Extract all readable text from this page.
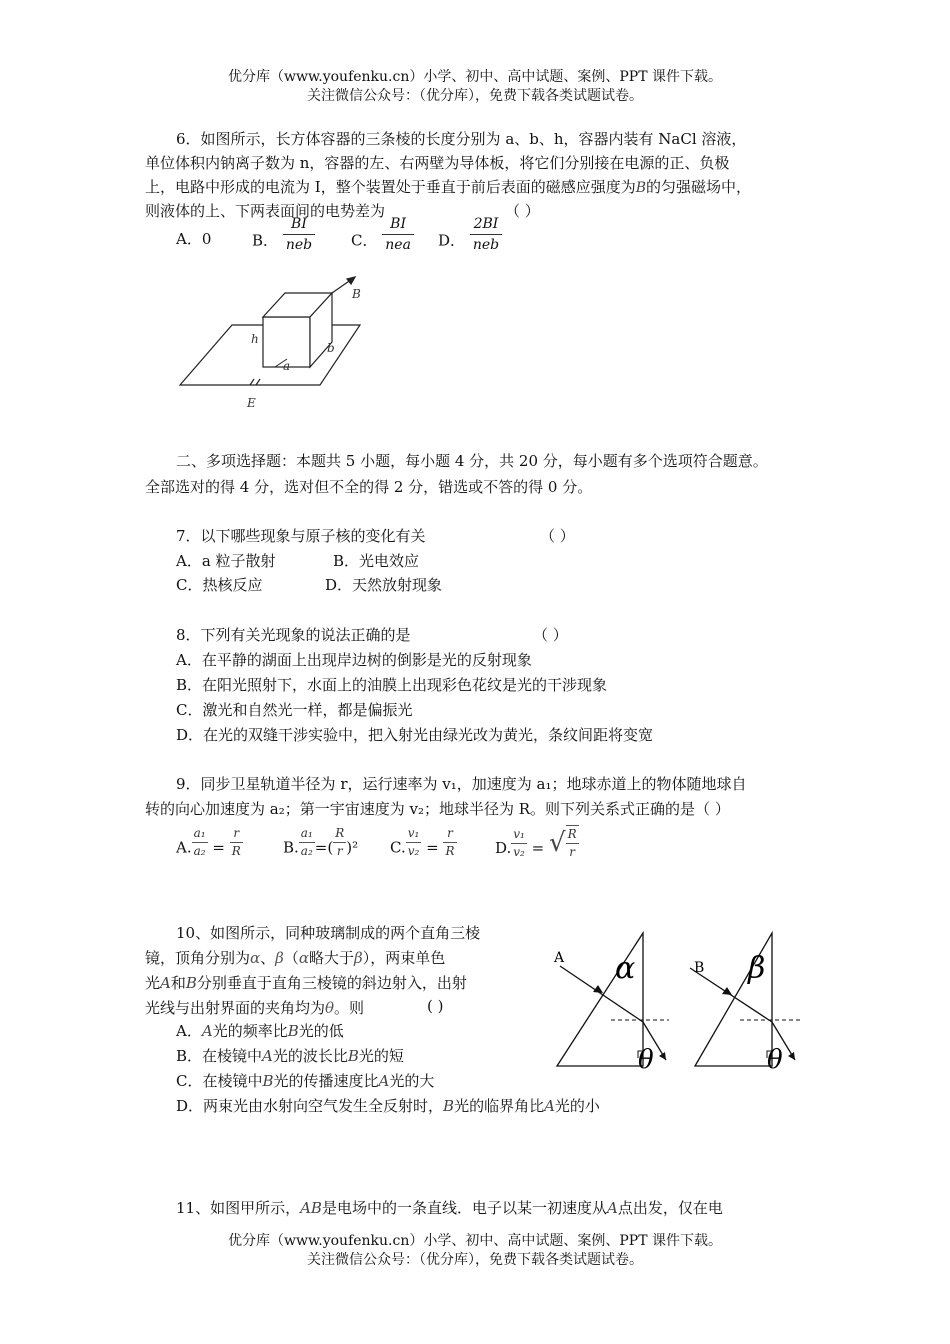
优分库（www.youfenku.cn）小学、初中、高中试题、案例、PPT 课件下载。
关注微信公众号：（优分库），免费下载各类试题试卷。
6．如图所示，长方体容器的三条棱的长度分别为 a、b、h，容器内装有 NaCl 溶液，
单位体积内钠离子数为 n，容器的左、右两壁为导体板，将它们分别接在电源的正、负极
上，电路中形成的电流为 I，整个装置处于垂直于前后表面的磁感应强度为B的匀强磁场中，
则液体的上、下两表面间的电势差为	（ ）
A．0	B． $\frac{BI}{\text{neb}}$ C． $\frac{BI}{\text{nea}}$ D． $\frac{2BI}{\text{neb}}$
B
h
a
b
E
二、多项选择题：本题共 5 小题，每小题 4 分，共 20 分，每小题有多个选项符合题意。
全部选对的得 4 分，选对但不全的得 2 分，错选或不答的得 0 分。
7．以下哪些现象与原子核的变化有关	（ ）
A．a 粒子散射	B．光电效应
C．热核反应	D．天然放射现象
8．下列有关光现象的说法正确的是	（ ）
A．在平静的湖面上出现岸边树的倒影是光的反射现象
B．在阳光照射下，水面上的油膜上出现彩色花纹是光的干涉现象
C．激光和自然光一样，都是偏振光
D．在光的双缝干涉实验中，把入射光由绿光改为黄光，条纹间距将变宽
9．同步卫星轨道半径为 r，运行速率为 v₁，加速度为 a₁；地球赤道上的物体随地球自
转的向心加速度为 a₂；第一宇宙速度为 v₂；地球半径为 R。则下列关系式正确的是（ ）
A. $\frac{\text{a₁}}{\text{a₂}} = \frac{r}{R}$	B. $\frac{\text{a₁}}{\text{a₂}}$ =( $\frac{R}{r} )^2$ C. $\frac{\text{v₁}}{\text{v₂}} = \frac{r}{R}$	D. $\frac{\text{v₁}}{\text{v₂}}$ = √ $\frac{R}{r}$
10、如图所示，同种玻璃制成的两个直角三棱
镜，顶角分别为α、β（α略大于β），两束单色
光A和B分别垂直于直角三棱镜的斜边射入，出射
光线与出射界面的夹角均为θ。则	( )
A．A光的频率比B光的低
B．在棱镜中A光的波长比B光的短
C．在棱镜中B光的传播速度比A光的大
D．两束光由水射向空气发生全反射时，B光的临界角比A光的小
A
B
α	β
θ	θ
11、如图甲所示，AB是电场中的一条直线．电子以某一初速度从A点出发，仅在电
优分库（www.youfenku.cn）小学、初中、高中试题、案例、PPT 课件下载。
关注微信公众号：（优分库），免费下载各类试题试卷。
